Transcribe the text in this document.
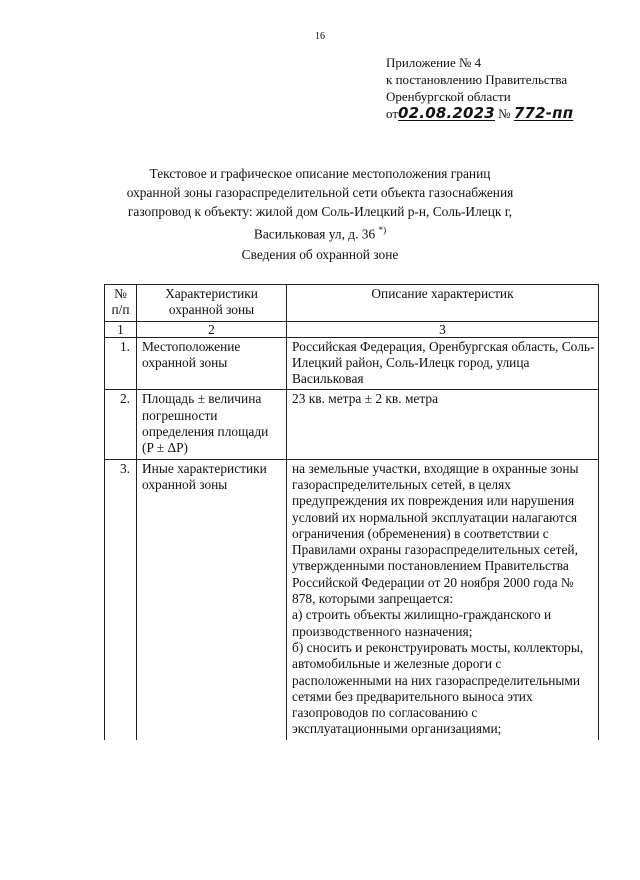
16
Приложение № 4
к постановлению Правительства
Оренбургской области
от02.08.2023 № 772-пп
Текстовое и графическое описание местоположения границ
охранной зоны газораспределительной сети объекта газоснабжения
газопровод к объекту: жилой дом Соль-Илецкий р-н, Соль-Илецк г,
Васильковая ул, д. 36 *)
Сведения об охранной зоне
№ п/п	Характеристики охранной зоны	Описание характеристик
1	2	3
1.	Местоположение охранной зоны	Российская Федерация, Оренбургская область, Соль-Илецкий район, Соль-Илецк город, улица Васильковая
2.	Площадь ± величина погрешности определения площади (P ± ΔP)	23 кв. метра ± 2 кв. метра
3.	Иные характеристики охранной зоны	на земельные участки, входящие в охранные зоны газораспределительных сетей, в целях предупреждения их повреждения или нарушения условий их нормальной эксплуатации налагаются ограничения (обременения) в соответствии с Правилами охраны газораспределительных сетей, утвержденными постановлением Правительства Российской Федерации от 20 ноября 2000 года № 878, которыми запрещается:
а) строить объекты жилищно-гражданского и производственного назначения;
б) сносить и реконструировать мосты, коллекторы, автомобильные и железные дороги с расположенными на них газораспределительными сетями без предварительного выноса этих газопроводов по согласованию с эксплуатационными организациями;
